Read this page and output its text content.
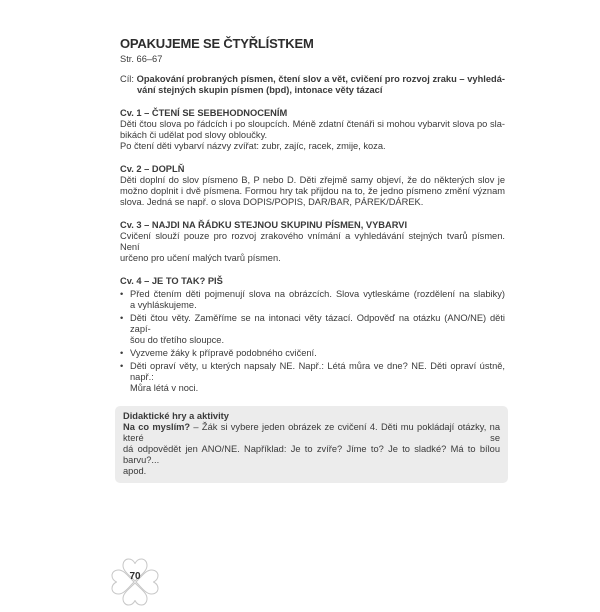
OPAKUJEME SE ČTYŘLÍSTKEM
Str. 66–67
Cíl: Opakování probraných písmen, čtení slov a vět, cvičení pro rozvoj zraku – vyhledá-
vání stejných skupin písmen (bpd), intonace věty tázací
Cv. 1 – ČTENÍ SE SEBEHODNOCENÍM
Děti čtou slova po řádcích i po sloupcích. Méně zdatní čtenáři si mohou vybarvit slova po sla-
bikách či udělat pod slovy obloučky.
Po čtení děti vybarví názvy zvířat: zubr, zajíc, racek, zmije, koza.
Cv. 2 – DOPLŇ
Děti doplní do slov písmeno B, P nebo D. Děti zřejmě samy objeví, že do některých slov je
možno doplnit i dvě písmena. Formou hry tak přijdou na to, že jedno písmeno změní význam
slova. Jedná se např. o slova DOPIS/POPIS, DAR/BAR, PÁREK/DÁREK.
Cv. 3 – NAJDI NA ŘÁDKU STEJNOU SKUPINU PÍSMEN, VYBARVI
Cvičení slouží pouze pro rozvoj zrakového vnímání a vyhledávání stejných tvarů písmen. Není
určeno pro učení malých tvarů písmen.
Cv. 4 – JE TO TAK? PIŠ
• Před čtením děti pojmenují slova na obrázcích. Slova vytleskáme (rozdělení na slabiky)
a vyhláskujeme.
• Děti čtou věty. Zaměříme se na intonaci věty tázací. Odpověď na otázku (ANO/NE) děti zapí-
šou do třetího sloupce.
• Vyzveme žáky k přípravě podobného cvičení.
• Děti opraví věty, u kterých napsaly NE. Např.: Létá můra ve dne? NE. Děti opraví ústně, např.:
Můra létá v noci.
Didaktické hry a aktivity
Na co myslím? – Žák si vybere jeden obrázek ze cvičení 4. Děti mu pokládají otázky, na které se
dá odpovědět jen ANO/NE. Například: Je to zvíře? Jíme to? Je to sladké? Má to bílou barvu?...
apod.
70
